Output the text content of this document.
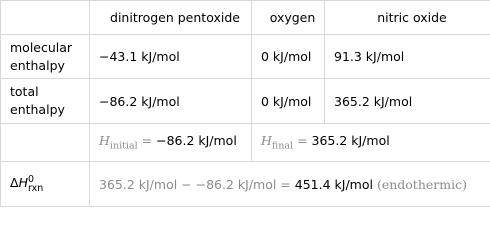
	dinitrogen pentoxide	oxygen	nitric oxide
molecular enthalpy	−43.1 kJ/mol	0 kJ/mol	91.3 kJ/mol
total enthalpy	−86.2 kJ/mol	0 kJ/mol	365.2 kJ/mol
	$H_{initial} = -86.2$ kJ/mol	$H_{final} = 365.2$ kJ/mol	
$\Delta H^0_{rxn}$	365.2 kJ/mol − −86.2 kJ/mol = 451.4 kJ/mol (endothermic)		
